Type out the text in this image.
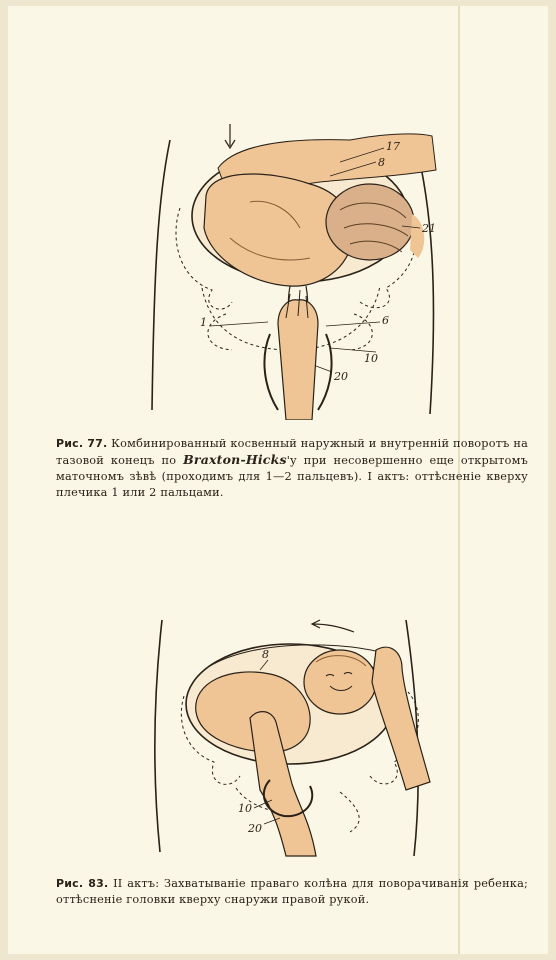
17
8
21
1	6
10
20
Рис. 77. Комбинированный косвенный наружный и внутренній поворотъ на тазовой конецъ по Braxton-Hicks'у при несовершенно еще открытомъ маточномъ зѣвѣ (проходимъ для 1—2 пальцевъ). I актъ: оттѣсненіе кверху плечика 1 или 2 пальцами.
8
10
20
Рис. 83. II актъ: Захватываніе праваго колѣна для поворачиванія ребенка; оттѣсненіе головки кверху снаружи правой рукой.
